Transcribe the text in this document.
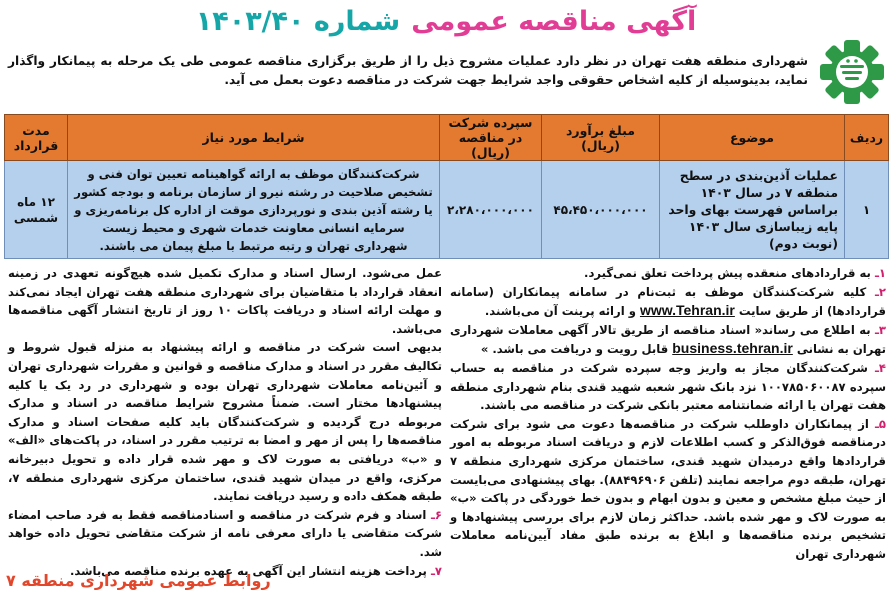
آگهی مناقصه عمومی شماره ۱۴۰۳/۴۰
شهرداری منطقه هفت تهران در نظر دارد عملیات مشروح ذیل را از طریق برگزاری مناقصه عمومی طی یک مرحله به پیمانکار واگذار نماید، بدینوسیله از کلیه اشخاص حقوقی واجد شرایط جهت شرکت در مناقصه دعوت بعمل می آید.
ردیف	موضوع	مبلغ برآورد (ریال)	سپرده شرکت در مناقصه (ریال)	شرایط مورد نیاز	مدت قرارداد
۱	عملیات آذین‌بندی در سطح منطقه ۷ در سال ۱۴۰۳ براساس فهرست بهای واحد پایه زیباسازی سال ۱۴۰۳ (نوبت دوم)	۴۵،۴۵۰،۰۰۰،۰۰۰	۲،۲۸۰،۰۰۰،۰۰۰	شرکت‌کنندگان موظف به ارائه گواهینامه تعیین توان فنی و تشخیص صلاحیت در رشته نیرو از سازمان برنامه و بودجه کشور یا رشته آذین بندی و نورپردازی موقت از اداره کل برنامه‌ریزی و سرمایه انسانی معاونت خدمات شهری و محیط زیست شهرداری تهران و رتبه مرتبط با مبلغ پیمان می باشند.	۱۲ ماه شمسی

۱ـ به قراردادهای منعقده پیش پرداخت تعلق نمی‌گیرد.

۲ـ کلیه شرکت‌کنندگان موظف به ثبت‌نام در سامانه پیمانکاران (سامانه قراردادها) از طریق سایت www.Tehran.ir و ارائه پرینت آن می‌باشند.

۳ـ به اطلاع می رساند« اسناد مناقصه از طریق تالار آگهی معاملات شهرداری تهران به نشانی business.tehran.ir قابل رویت و دریافت می باشد. »

۴ـ شرکت‌کنندگان مجاز به واریز وجه سپرده شرکت در مناقصه به حساب سپرده ۱۰۰۷۸۵۰۶۰۰۸۷ نزد بانک شهر شعبه شهید قندی بنام شهرداری منطقه هفت تهران یا ارائه ضمانتنامه معتبر بانکی شرکت در مناقصه می باشند.

۵ـ از پیمانکاران داوطلب شرکت در مناقصه‌ها دعوت می شود برای شرکت درمناقصه فوق‌الذکر و کسب اطلاعات لازم و دریافت اسناد مربوطه به امور قراردادها واقع درمیدان شهید قندی، ساختمان مرکزی شهرداری منطقه ۷ تهران، طبقه دوم مراجعه نمایند (تلفن ۸۸۴۹۶۹۰۶). بهای پیشنهادی می‌بایست از حیث مبلغ مشخص و معین و بدون ابهام و بدون خط خوردگی در پاکت «ب» به صورت لاک و مهر شده باشد. حداکثر زمان لازم برای بررسی پیشنهادها و تشخیص برنده مناقصه‌ها و ابلاغ به برنده طبق مفاد آیین‌نامه معاملات شهرداری تهران

عمل می‌شود. ارسال اسناد و مدارک تکمیل شده هیچ‌گونه تعهدی در زمینه انعقاد قرارداد با متقاضیان برای شهرداری منطقه هفت تهران ایجاد نمی‌کند و مهلت ارائه اسناد و دریافت پاکات ۱۰ روز از تاریخ انتشار آگهی مناقصه‌ها می‌باشد.

بدیهی است شرکت در مناقصه و ارائه پیشنهاد به منزله قبول شروط و تکالیف مقرر در اسناد و مدارک مناقصه و قوانین و مقررات شهرداری تهران و آئین‌نامه معاملات شهرداری تهران بوده و شهرداری در رد یک یا کلیه پیشنهادها مختار است. ضمناً مشروح شرایط مناقصه در اسناد و مدارک مربوطه درج گردیده و شرکت‌کنندگان باید کلیه صفحات اسناد و مدارک مناقصه‌ها را پس از مهر و امضا به ترتیب مقرر در اسناد، در پاکت‌های «الف» و «ب» دریافتی به صورت لاک و مهر شده قرار داده و تحویل دبیرخانه مرکزی، واقع در میدان شهید قندی، ساختمان مرکزی شهرداری منطقه ۷، طبقه همکف داده و رسید دریافت نمایند.

۶ـ اسناد و فرم شرکت در مناقصه و اسنادمناقصه فقط به فرد صاحب امضاء شرکت متقاضی یا دارای معرفی نامه از شرکت متقاضی تحویل داده خواهد شد.

۷ـ پرداخت هزینه انتشار این آگهی به عهده برنده مناقصه می‌باشد.

روابط عمومی شهرداری منطقه ۷
